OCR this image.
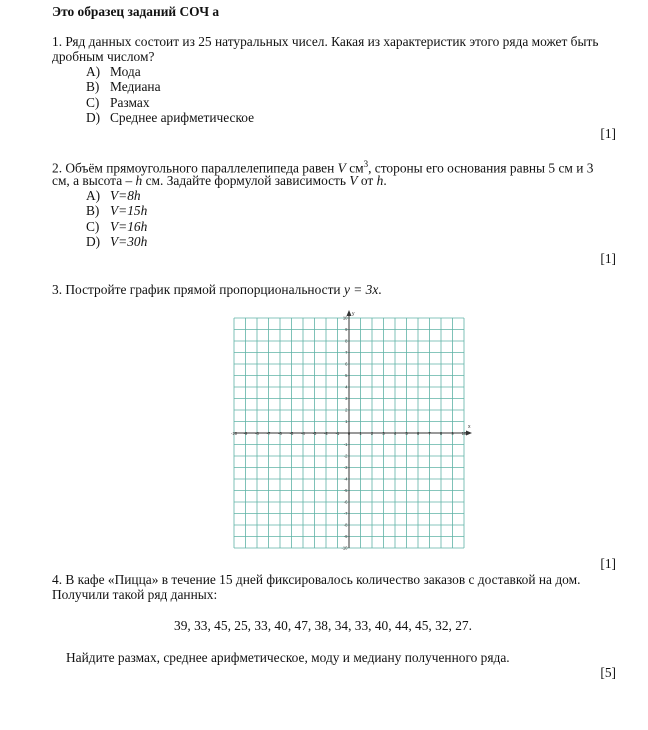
Это образец заданий СОЧ а
1. Ряд данных состоит из 25 натуральных чисел. Какая из характеристик этого ряда может быть
дробным числом?
A) Мода
B) Медиана
C) Размах
D) Среднее арифметическое
[1]
2. Объём прямоугольного параллелепипеда равен V $см^3$, стороны его основания равны 5 см и 3
см, а высота – h см. Задайте формулой зависимость V от h.
A) V=8h
B) V=15h
C) V=16h
D) V=30h
[1]
3. Постройте график прямой пропорциональности y = 3x.
x
y
-10 -9 -8 -7 -6 -5 -4 -3 -2 -1 0 1 2 3 4 5 6 7 8 9 10
10
9
8
7
6
5
4
3
2
1
-1
-2
-3
-4
-5
-6
-7
-8
-9
-10
[1]
4. В кафе «Пицца» в течение 15 дней фиксировалось количество заказов с доставкой на дом.
Получили такой ряд данных:
39, 33, 45, 25, 33, 40, 47, 38, 34, 33, 40, 44, 45, 32, 27.
Найдите размах, среднее арифметическое, моду и медиану полученного ряда.
[5]
